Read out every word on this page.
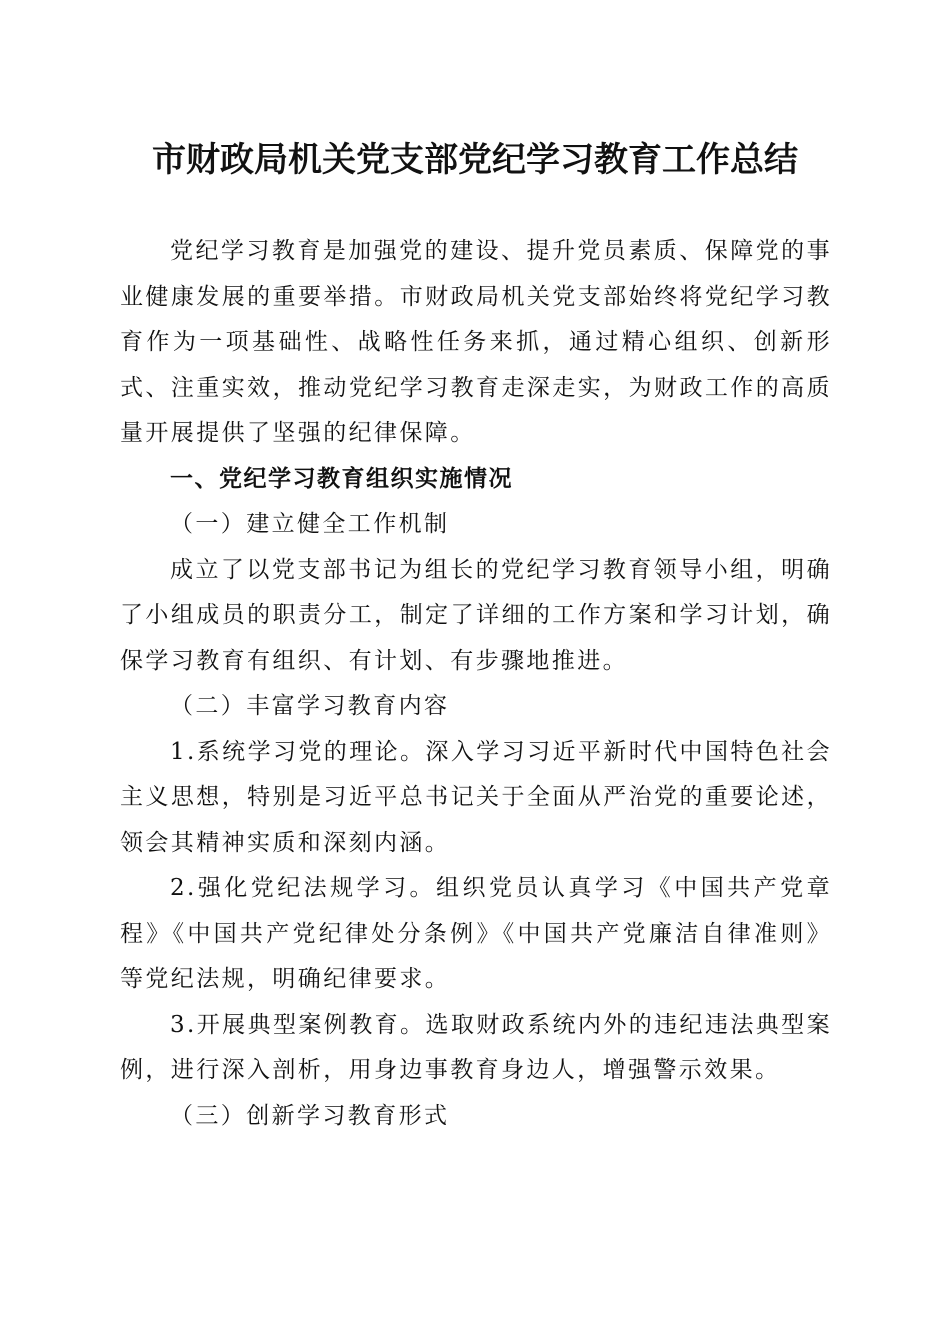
市财政局机关党支部党纪学习教育工作总结

党纪学习教育是加强党的建设、提升党员素质、保障党的事业健康发展的重要举措。市财政局机关党支部始终将党纪学习教育作为一项基础性、战略性任务来抓，通过精心组织、创新形式、注重实效，推动党纪学习教育走深走实，为财政工作的高质量开展提供了坚强的纪律保障。

一、党纪学习教育组织实施情况

（一）建立健全工作机制

成立了以党支部书记为组长的党纪学习教育领导小组，明确了小组成员的职责分工，制定了详细的工作方案和学习计划，确保学习教育有组织、有计划、有步骤地推进。

（二）丰富学习教育内容

1.系统学习党的理论。深入学习习近平新时代中国特色社会主义思想，特别是习近平总书记关于全面从严治党的重要论述，领会其精神实质和深刻内涵。

2.强化党纪法规学习。组织党员认真学习《中国共产党章程》《中国共产党纪律处分条例》《中国共产党廉洁自律准则》等党纪法规，明确纪律要求。

3.开展典型案例教育。选取财政系统内外的违纪违法典型案例，进行深入剖析，用身边事教育身边人，增强警示效果。

（三）创新学习教育形式
